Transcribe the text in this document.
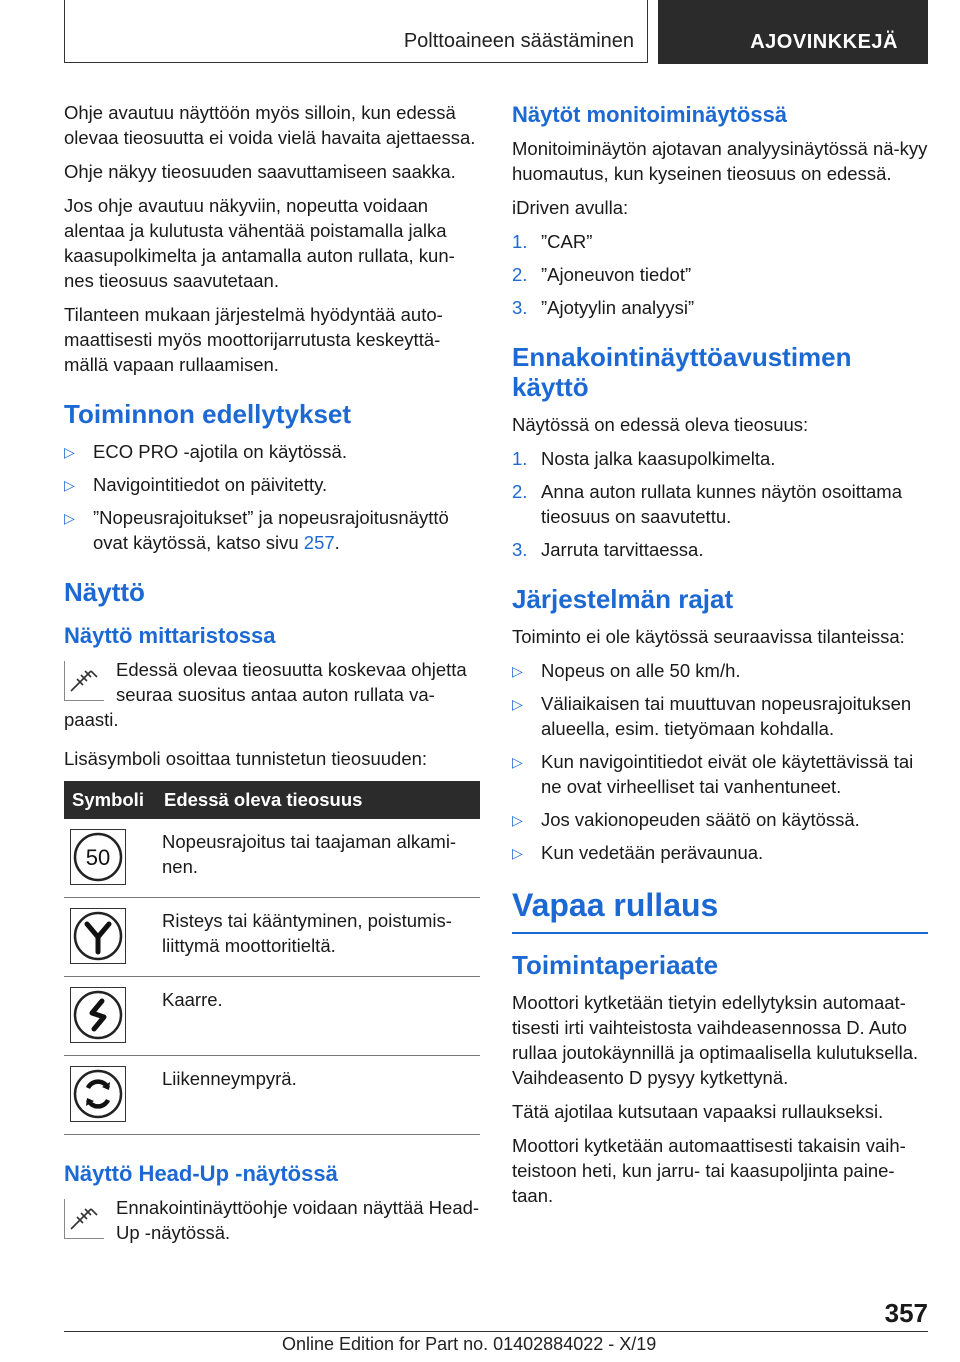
Polttoaineen säästäminen	AJOVINKKEJÄ

Ohje avautuu näyttöön myös silloin, kun edessä olevaa tieosuutta ei voida vielä havaita ajettaessa.

Ohje näkyy tieosuuden saavuttamiseen saakka.

Jos ohje avautuu näkyviin, nopeutta voidaan alentaa ja kulutusta vähentää poistamalla jalka kaasupolkimelta ja antamalla auton rullata, kun-nes tieosuus saavutetaan.

Tilanteen mukaan järjestelmä hyödyntää auto-maattisesti myös moottorijarrutusta keskeyttä-mällä vapaan rullaamisen.

Toiminnon edellytykset
▷ ECO PRO -ajotila on käytössä.
▷ Navigointitiedot on päivitetty.
▷ ”Nopeusrajoitukset” ja nopeusrajoitusnäyttö ovat käytössä, katso sivu 257.
Näyttö
Näyttö mittaristossa
Edessä olevaa tieosuutta koskevaa ohjetta seuraa suositus antaa auton rullata va-paasti.

Lisäsymboli osoittaa tunnistetun tieosuuden:

Symboli	Edessä oleva tieosuus

50	Nopeusrajoitus tai taajaman alkami-nen.

	Risteys tai kääntyminen, poistumis-liittymä moottoritieltä.

	Kaarre.

	Liikenneympyrä.
Näyttö Head-Up -näytössä
Ennakointinäyttöohje voidaan näyttää Head-Up -näytössä.
Näytöt monitoiminäytössä

Monitoiminäytön ajotavan analyysinäytössä nä-kyy huomautus, kun kyseinen tieosuus on edessä.

iDriven avulla:

1. ”CAR”
2. ”Ajoneuvon tiedot”
3. ”Ajotyylin analyysi”
Ennakointinäyttöavustimen käyttö

Näytössä on edessä oleva tieosuus:

1. Nosta jalka kaasupolkimelta.
2. Anna auton rullata kunnes näytön osoittama tieosuus on saavutettu.
3. Jarruta tarvittaessa.
Järjestelmän rajat

Toiminto ei ole käytössä seuraavissa tilanteissa:

▷ Nopeus on alle 50 km/h.
▷ Väliaikaisen tai muuttuvan nopeusrajoituksen alueella, esim. tietyömaan kohdalla.
▷ Kun navigointitiedot eivät ole käytettävissä tai ne ovat virheelliset tai vanhentuneet.
▷ Jos vakionopeuden säätö on käytössä.
▷ Kun vedetään perävaunua.
Vapaa rullaus
Toimintaperiaate

Moottori kytketään tietyin edellytyksin automaat-tisesti irti vaihteistosta vaihdeasennossa D. Auto rullaa joutokäynnillä ja optimaalisella kulutuksella. Vaihdeasento D pysyy kytkettynä.

Tätä ajotilaa kutsutaan vapaaksi rullaukseksi.

Moottori kytketään automaattisesti takaisin vaih-teistoon heti, kun jarru- tai kaasupoljinta paine-taan.

357
Online Edition for Part no. 01402884022 - X/19
